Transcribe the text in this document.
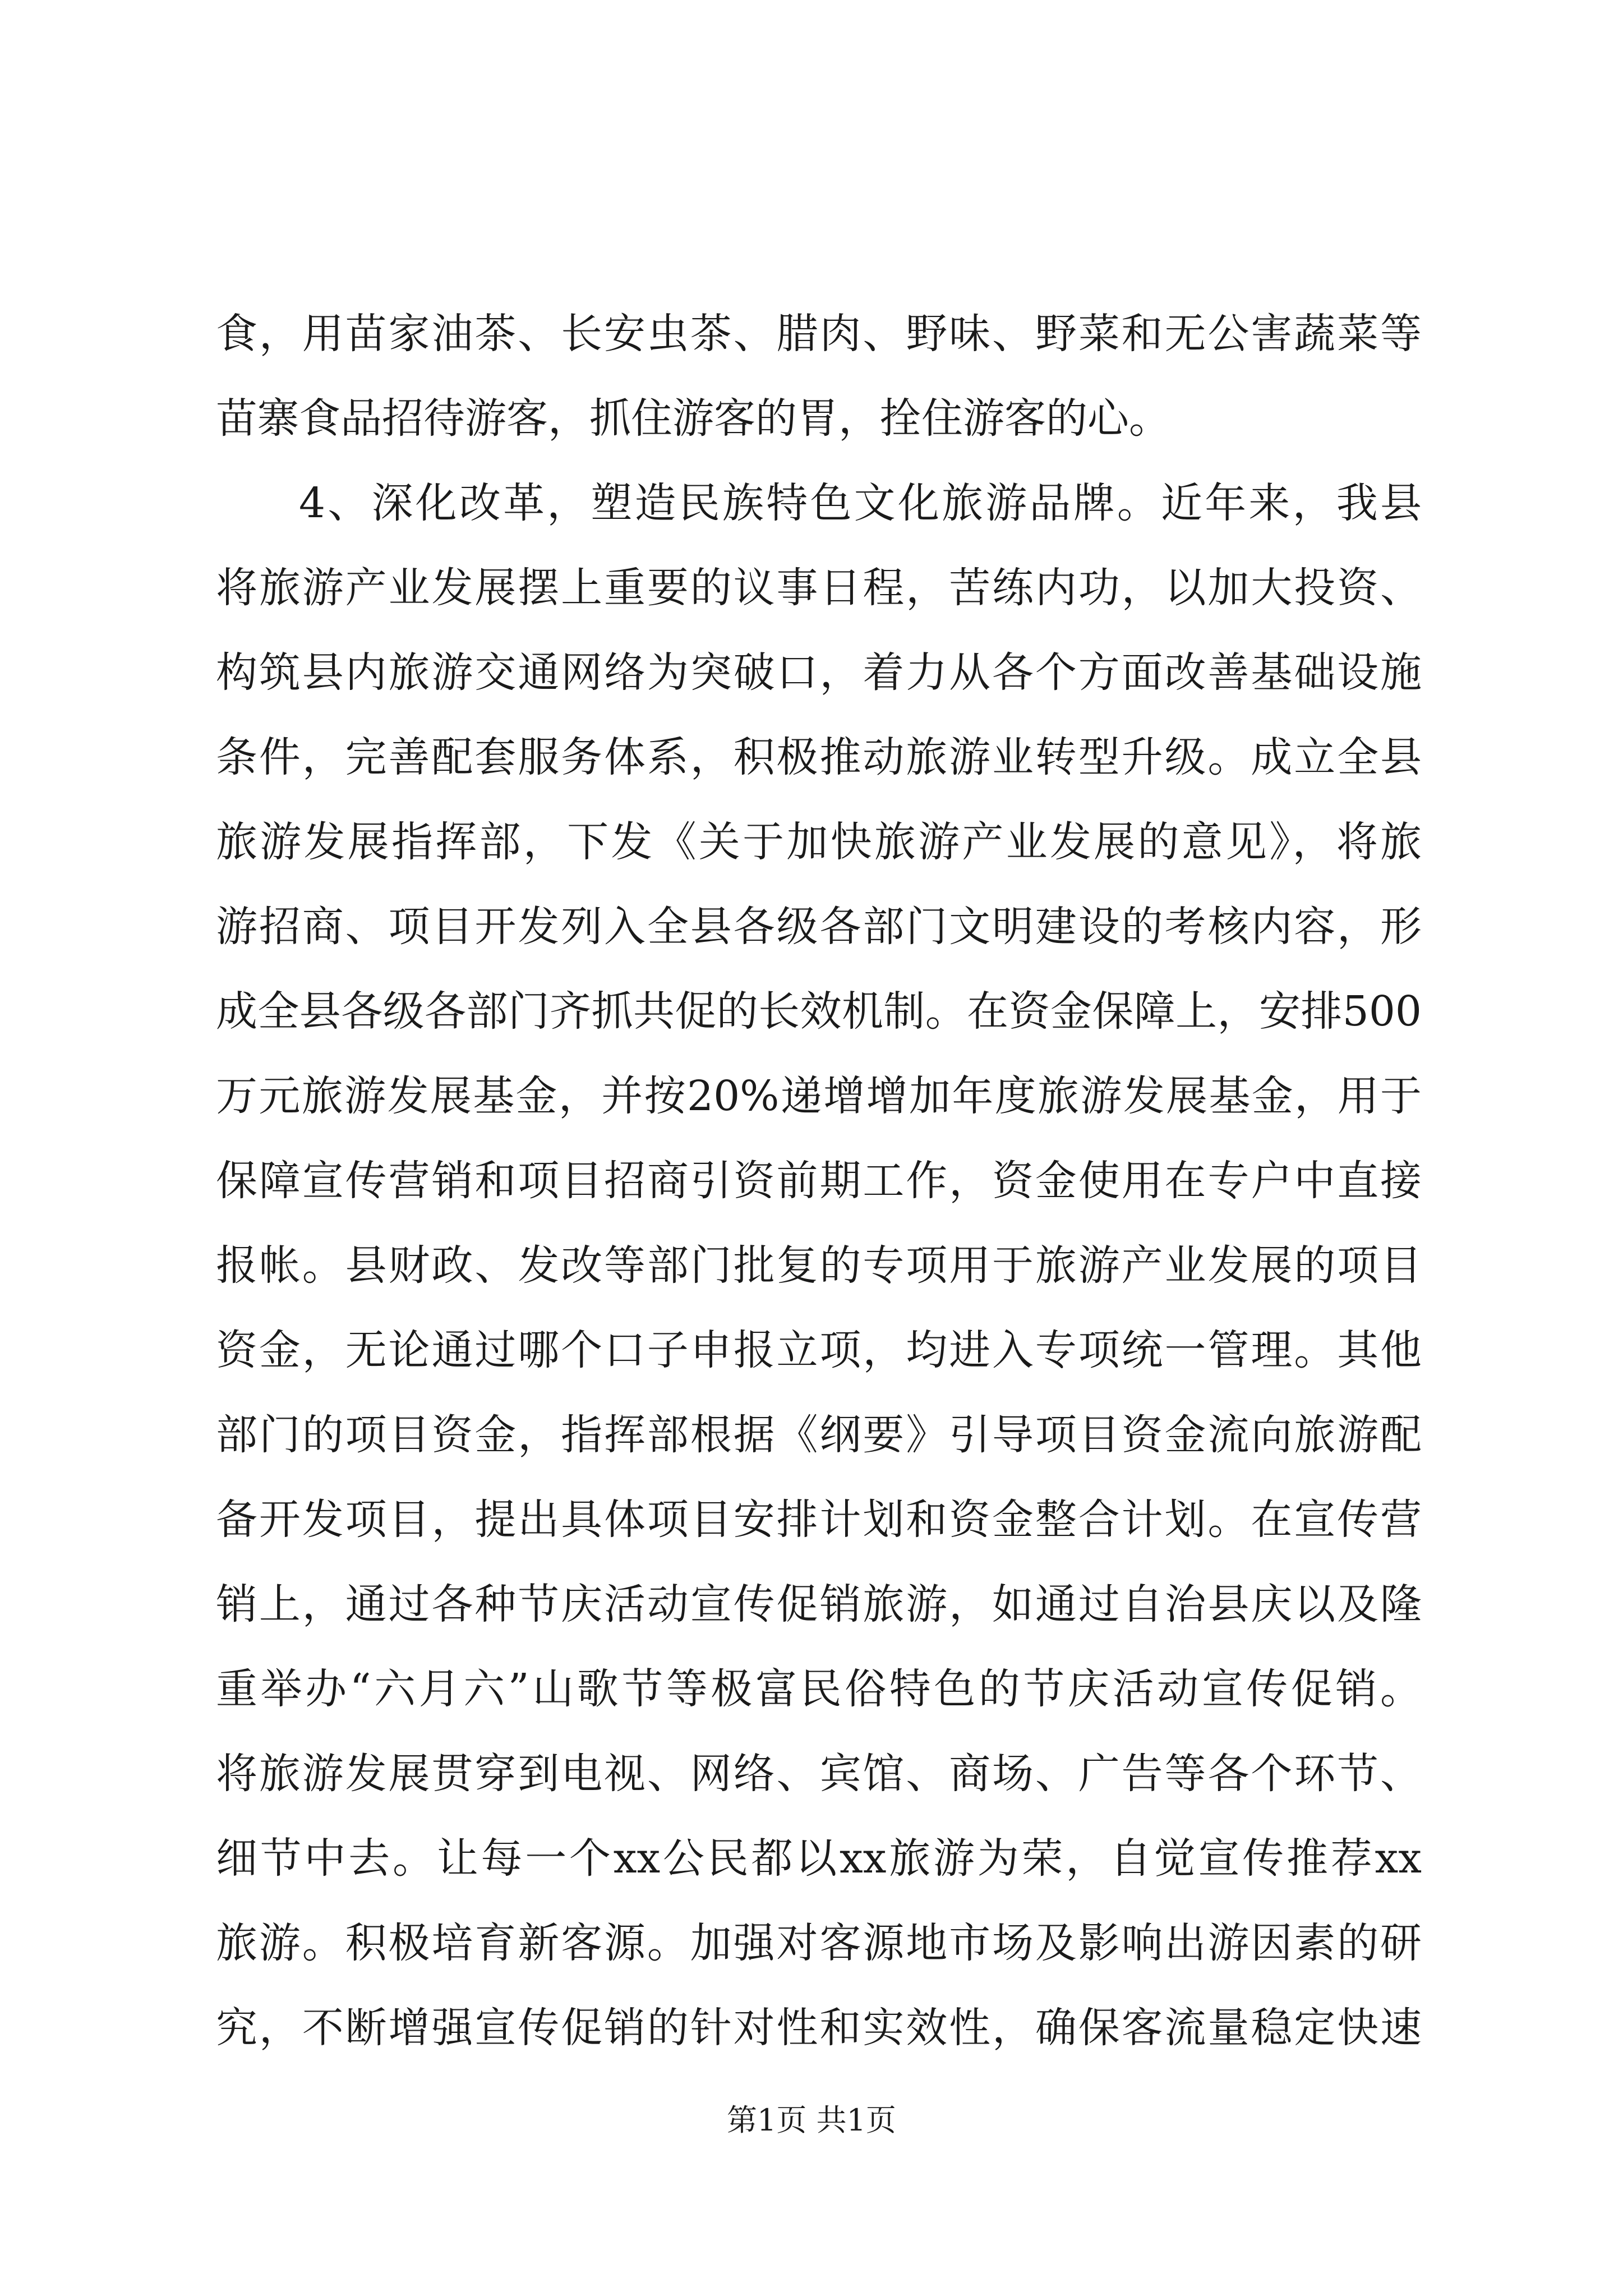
食，用苗家油茶、长安虫茶、腊肉、野味、野菜和无公害蔬菜等
苗寨食品招待游客，抓住游客的胃，拴住游客的心。
4、深化改革，塑造民族特色文化旅游品牌。近年来，我县
将旅游产业发展摆上重要的议事日程，苦练内功，以加大投资、
构筑县内旅游交通网络为突破口，着力从各个方面改善基础设施
条件，完善配套服务体系，积极推动旅游业转型升级。成立全县
旅游发展指挥部，下发《关于加快旅游产业发展的意见》，将旅
游招商、项目开发列入全县各级各部门文明建设的考核内容，形
成全县各级各部门齐抓共促的长效机制。在资金保障上，安排500
万元旅游发展基金，并按20%递增增加年度旅游发展基金，用于
保障宣传营销和项目招商引资前期工作，资金使用在专户中直接
报帐。县财政、发改等部门批复的专项用于旅游产业发展的项目
资金，无论通过哪个口子申报立项，均进入专项统一管理。其他
部门的项目资金，指挥部根据《纲要》引导项目资金流向旅游配
备开发项目，提出具体项目安排计划和资金整合计划。在宣传营
销上，通过各种节庆活动宣传促销旅游，如通过自治县庆以及隆
重举办“六月六”山歌节等极富民俗特色的节庆活动宣传促销。
将旅游发展贯穿到电视、网络、宾馆、商场、广告等各个环节、
细节中去。让每一个xx公民都以xx旅游为荣，自觉宣传推荐xx
旅游。积极培育新客源。加强对客源地市场及影响出游因素的研
究，不断增强宣传促销的针对性和实效性，确保客流量稳定快速
第1页 共1页
